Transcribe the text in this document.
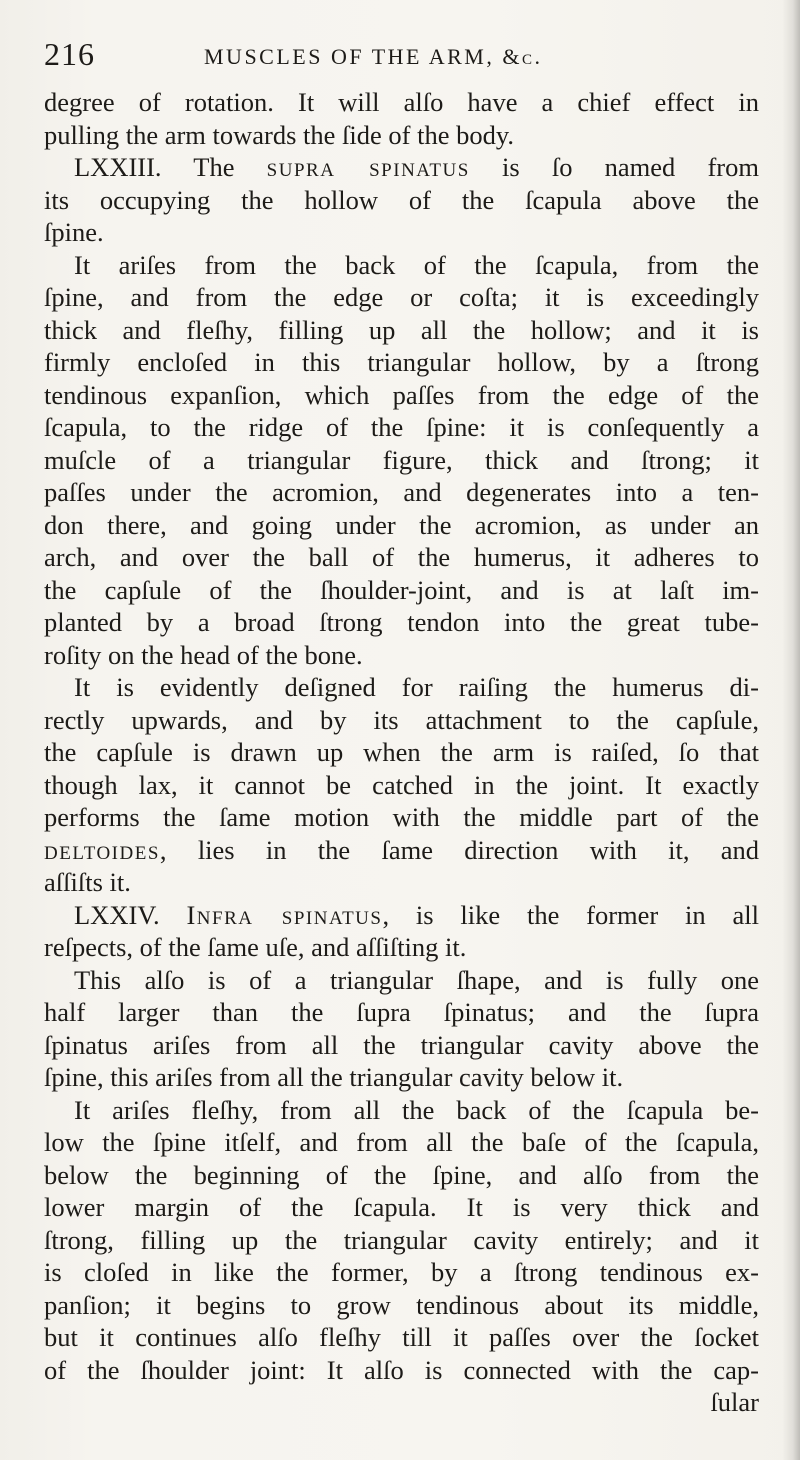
216	MUSCLES OF THE ARM, &c.
degree of rotation. It will alſo have a chief effect in
pulling the arm towards the ſide of the body.
LXXIII. The supra spinatus is ſo named from
its occupying the hollow of the ſcapula above the
ſpine.
It ariſes from the back of the ſcapula, from the
ſpine, and from the edge or coſta; it is exceedingly
thick and fleſhy, filling up all the hollow; and it is
firmly encloſed in this triangular hollow, by a ſtrong
tendinous expanſion, which paſſes from the edge of the
ſcapula, to the ridge of the ſpine: it is conſequently a
muſcle of a triangular figure, thick and ſtrong; it
paſſes under the acromion, and degenerates into a ten-
don there, and going under the acromion, as under an
arch, and over the ball of the humerus, it adheres to
the capſule of the ſhoulder-joint, and is at laſt im-
planted by a broad ſtrong tendon into the great tube-
roſity on the head of the bone.
It is evidently deſigned for raiſing the humerus di-
rectly upwards, and by its attachment to the capſule,
the capſule is drawn up when the arm is raiſed, ſo that
though lax, it cannot be catched in the joint. It exactly
performs the ſame motion with the middle part of the
deltoides, lies in the ſame direction with it, and
aſſiſts it.
LXXIV. Infra spinatus, is like the former in all
reſpects, of the ſame uſe, and aſſiſting it.
This alſo is of a triangular ſhape, and is fully one
half larger than the ſupra ſpinatus; and the ſupra
ſpinatus ariſes from all the triangular cavity above the
ſpine, this ariſes from all the triangular cavity below it.
It ariſes fleſhy, from all the back of the ſcapula be-
low the ſpine itſelf, and from all the baſe of the ſcapula,
below the beginning of the ſpine, and alſo from the
lower margin of the ſcapula. It is very thick and
ſtrong, filling up the triangular cavity entirely; and it
is cloſed in like the former, by a ſtrong tendinous ex-
panſion; it begins to grow tendinous about its middle,
but it continues alſo fleſhy till it paſſes over the ſocket
of the ſhoulder joint: It alſo is connected with the cap-
ſular
